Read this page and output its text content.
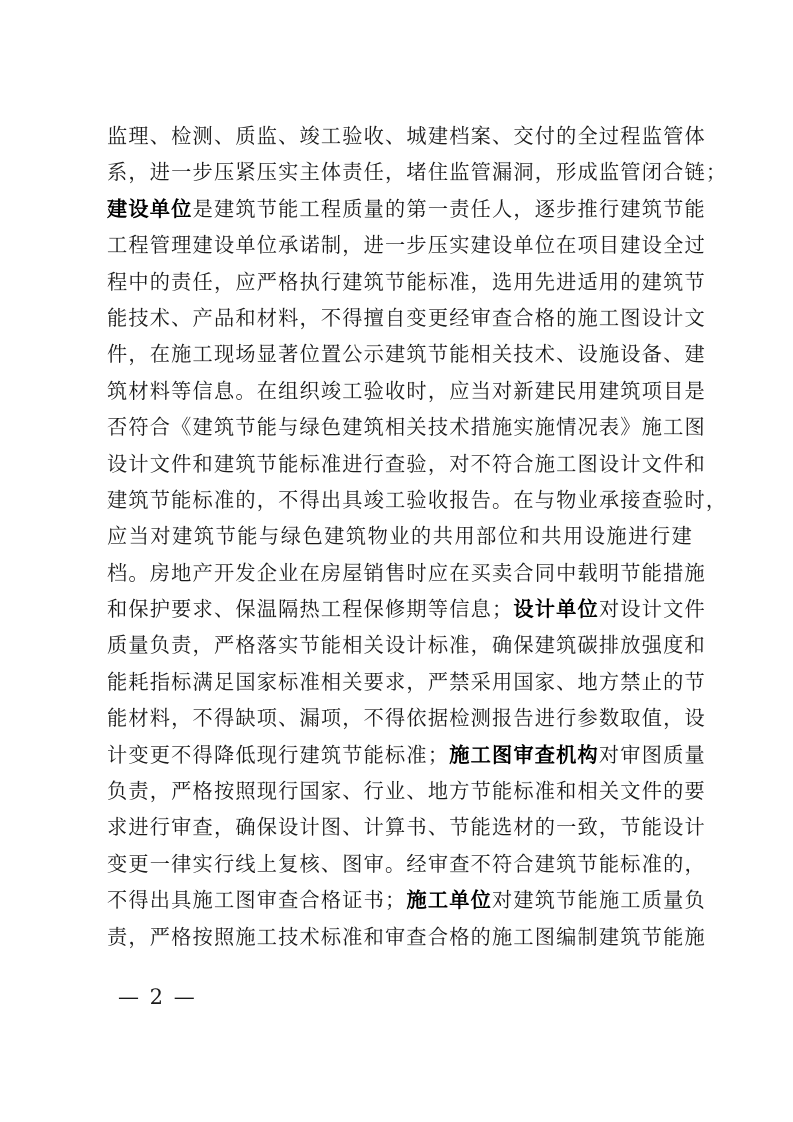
监理、检测、质监、竣工验收、城建档案、交付的全过程监管体
系，进一步压紧压实主体责任，堵住监管漏洞，形成监管闭合链；
建设单位是建筑节能工程质量的第一责任人，逐步推行建筑节能
工程管理建设单位承诺制，进一步压实建设单位在项目建设全过
程中的责任，应严格执行建筑节能标准，选用先进适用的建筑节
能技术、产品和材料，不得擅自变更经审查合格的施工图设计文
件，在施工现场显著位置公示建筑节能相关技术、设施设备、建
筑材料等信息。在组织竣工验收时，应当对新建民用建筑项目是
否符合《建筑节能与绿色建筑相关技术措施实施情况表》施工图
设计文件和建筑节能标准进行查验，对不符合施工图设计文件和
建筑节能标准的，不得出具竣工验收报告。在与物业承接查验时，
应当对建筑节能与绿色建筑物业的共用部位和共用设施进行建
档。房地产开发企业在房屋销售时应在买卖合同中载明节能措施
和保护要求、保温隔热工程保修期等信息；设计单位对设计文件
质量负责，严格落实节能相关设计标准，确保建筑碳排放强度和
能耗指标满足国家标准相关要求，严禁采用国家、地方禁止的节
能材料，不得缺项、漏项，不得依据检测报告进行参数取值，设
计变更不得降低现行建筑节能标准；施工图审查机构对审图质量
负责，严格按照现行国家、行业、地方节能标准和相关文件的要
求进行审查，确保设计图、计算书、节能选材的一致，节能设计
变更一律实行线上复核、图审。经审查不符合建筑节能标准的，
不得出具施工图审查合格证书；施工单位对建筑节能施工质量负
责，严格按照施工技术标准和审查合格的施工图编制建筑节能施
— 2 —
